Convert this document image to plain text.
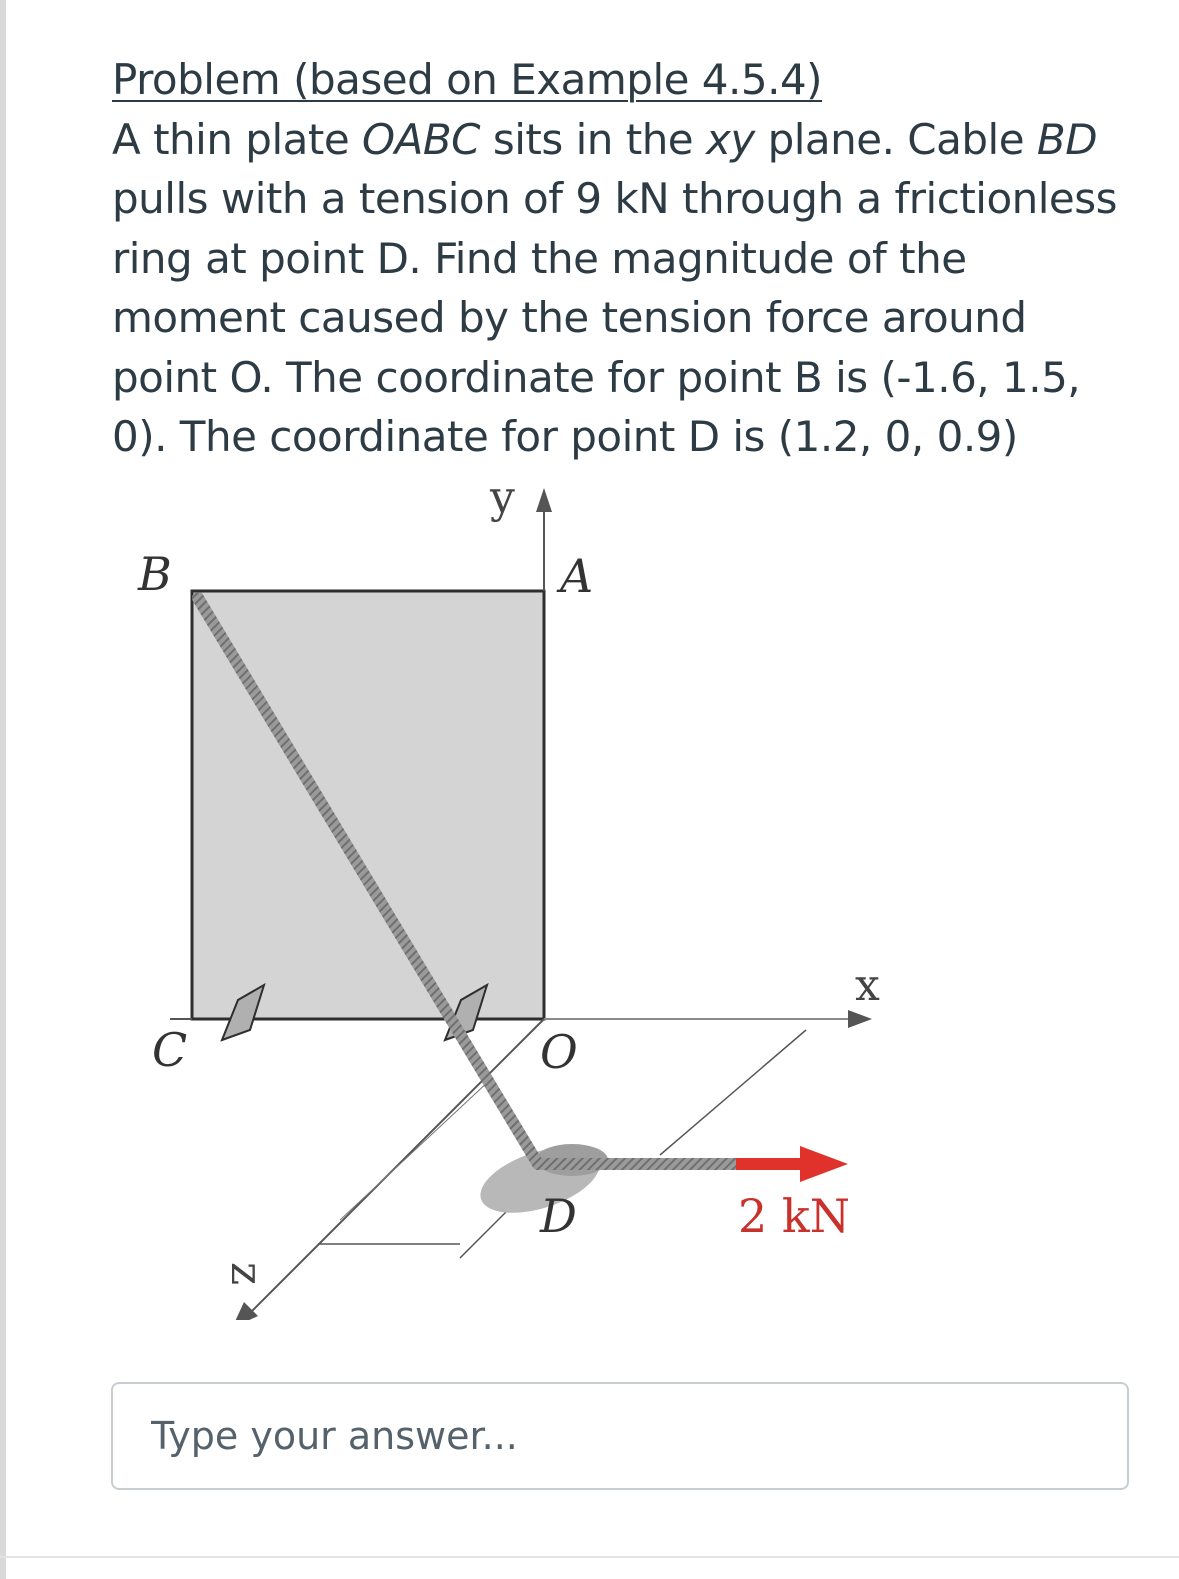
Problem (based on Example 4.5.4)

A thin plate OABC sits in the xy plane. Cable BD pulls with a tension of 9 kN through a frictionless ring at point D. Find the magnitude of the moment caused by the tension force around point O. The coordinate for point B is (-1.6, 1.5, 0). The coordinate for point D is (1.2, 0, 0.9)

y
B	A
x
C	O
D	2 kN
z
Type your answer...
